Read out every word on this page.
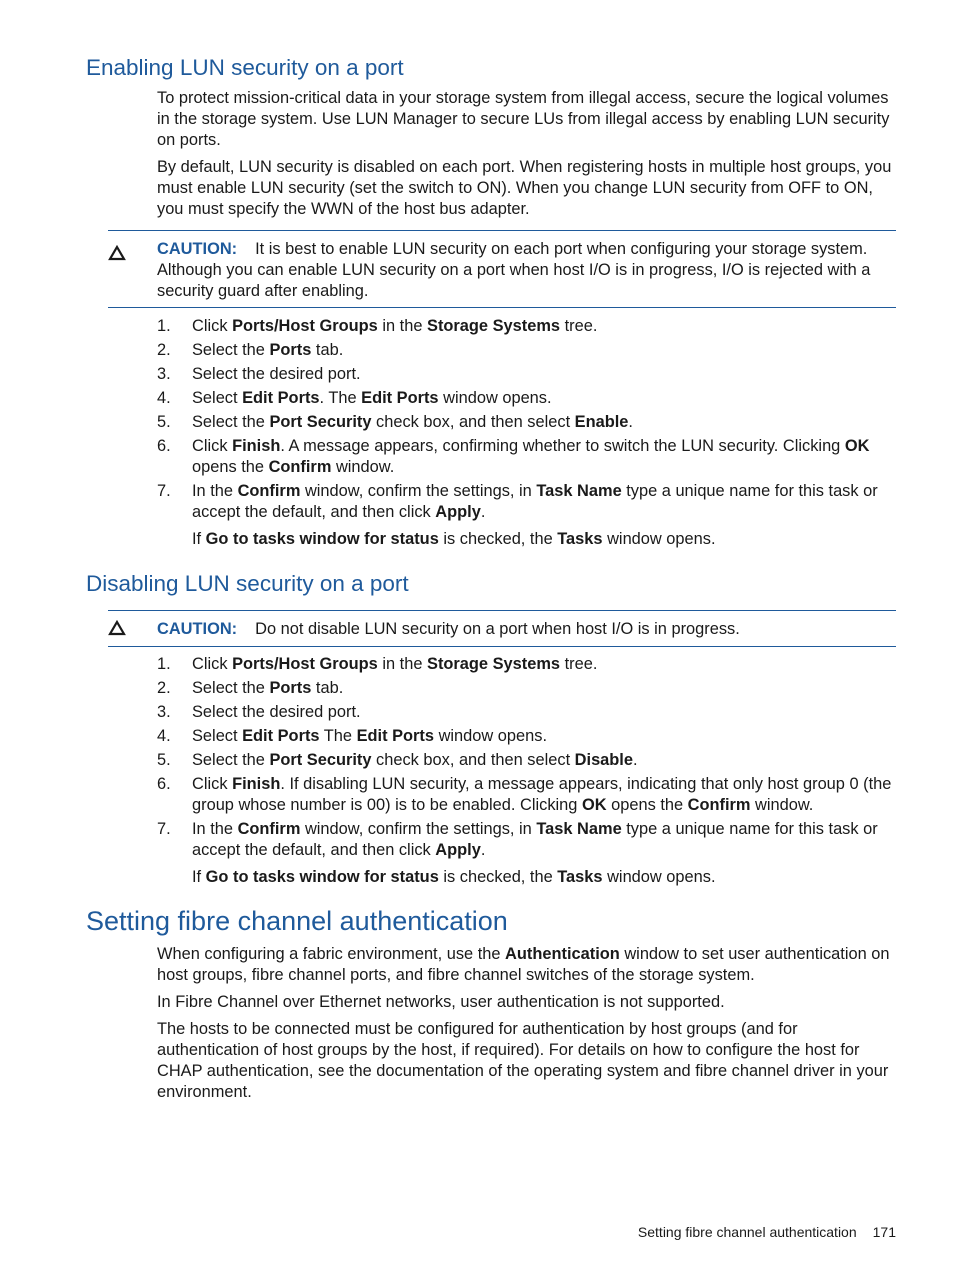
Enabling LUN security on a port

To protect mission-critical data in your storage system from illegal access, secure the logical volumes in the storage system. Use LUN Manager to secure LUs from illegal access by enabling LUN security on ports.

By default, LUN security is disabled on each port. When registering hosts in multiple host groups, you must enable LUN security (set the switch to ON). When you change LUN security from OFF to ON, you must specify the WWN of the host bus adapter.

CAUTION: It is best to enable LUN security on each port when configuring your storage system. Although you can enable LUN security on a port when host I/O is in progress, I/O is rejected with a security guard after enabling.

1. Click Ports/Host Groups in the Storage Systems tree.
2. Select the Ports tab.
3. Select the desired port.
4. Select Edit Ports. The Edit Ports window opens.
5. Select the Port Security check box, and then select Enable.
6. Click Finish. A message appears, confirming whether to switch the LUN security. Clicking OK opens the Confirm window.
7. In the Confirm window, confirm the settings, in Task Name type a unique name for this task or accept the default, and then click Apply.

If Go to tasks window for status is checked, the Tasks window opens.

Disabling LUN security on a port

CAUTION: Do not disable LUN security on a port when host I/O is in progress.

1. Click Ports/Host Groups in the Storage Systems tree.
2. Select the Ports tab.
3. Select the desired port.
4. Select Edit Ports The Edit Ports window opens.
5. Select the Port Security check box, and then select Disable.
6. Click Finish. If disabling LUN security, a message appears, indicating that only host group 0 (the group whose number is 00) is to be enabled. Clicking OK opens the Confirm window.
7. In the Confirm window, confirm the settings, in Task Name type a unique name for this task or accept the default, and then click Apply.

If Go to tasks window for status is checked, the Tasks window opens.

Setting fibre channel authentication

When configuring a fabric environment, use the Authentication window to set user authentication on host groups, fibre channel ports, and fibre channel switches of the storage system.

In Fibre Channel over Ethernet networks, user authentication is not supported.

The hosts to be connected must be configured for authentication by host groups (and for authentication of host groups by the host, if required). For details on how to configure the host for CHAP authentication, see the documentation of the operating system and fibre channel driver in your environment.

Setting fibre channel authentication 171
